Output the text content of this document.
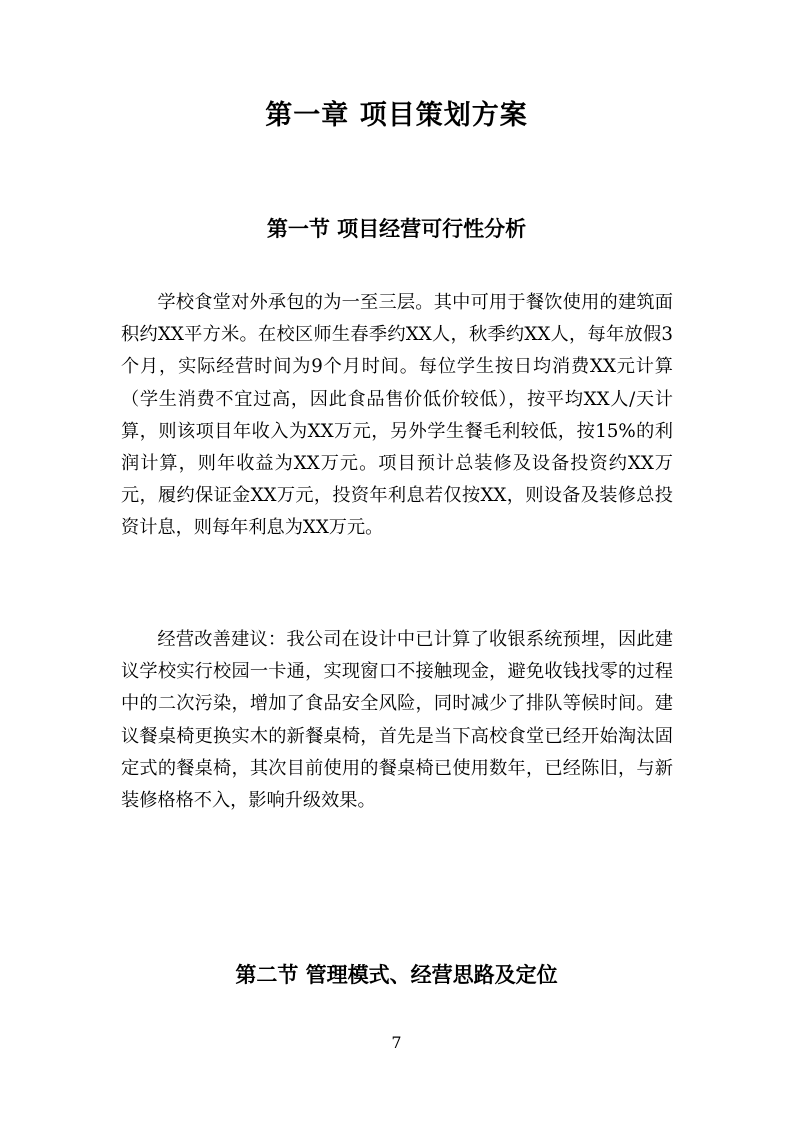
第一章 项目策划方案
第一节 项目经营可行性分析

学校食堂对外承包的为一至三层。其中可用于餐饮使用的建筑面积约XX平方米。在校区师生春季约XX人，秋季约XX人，每年放假3个月，实际经营时间为9个月时间。每位学生按日均消费XX元计算（学生消费不宜过高，因此食品售价低价较低），按平均XX人/天计算，则该项目年收入为XX万元，另外学生餐毛利较低，按15%的利润计算，则年收益为XX万元。项目预计总装修及设备投资约XX万元，履约保证金XX万元，投资年利息若仅按XX，则设备及装修总投资计息，则每年利息为XX万元。

经营改善建议：我公司在设计中已计算了收银系统预埋，因此建议学校实行校园一卡通，实现窗口不接触现金，避免收钱找零的过程中的二次污染，增加了食品安全风险，同时减少了排队等候时间。建议餐桌椅更换实木的新餐桌椅，首先是当下高校食堂已经开始淘汰固定式的餐桌椅，其次目前使用的餐桌椅已使用数年，已经陈旧，与新装修格格不入，影响升级效果。

第二节 管理模式、经营思路及定位
7
